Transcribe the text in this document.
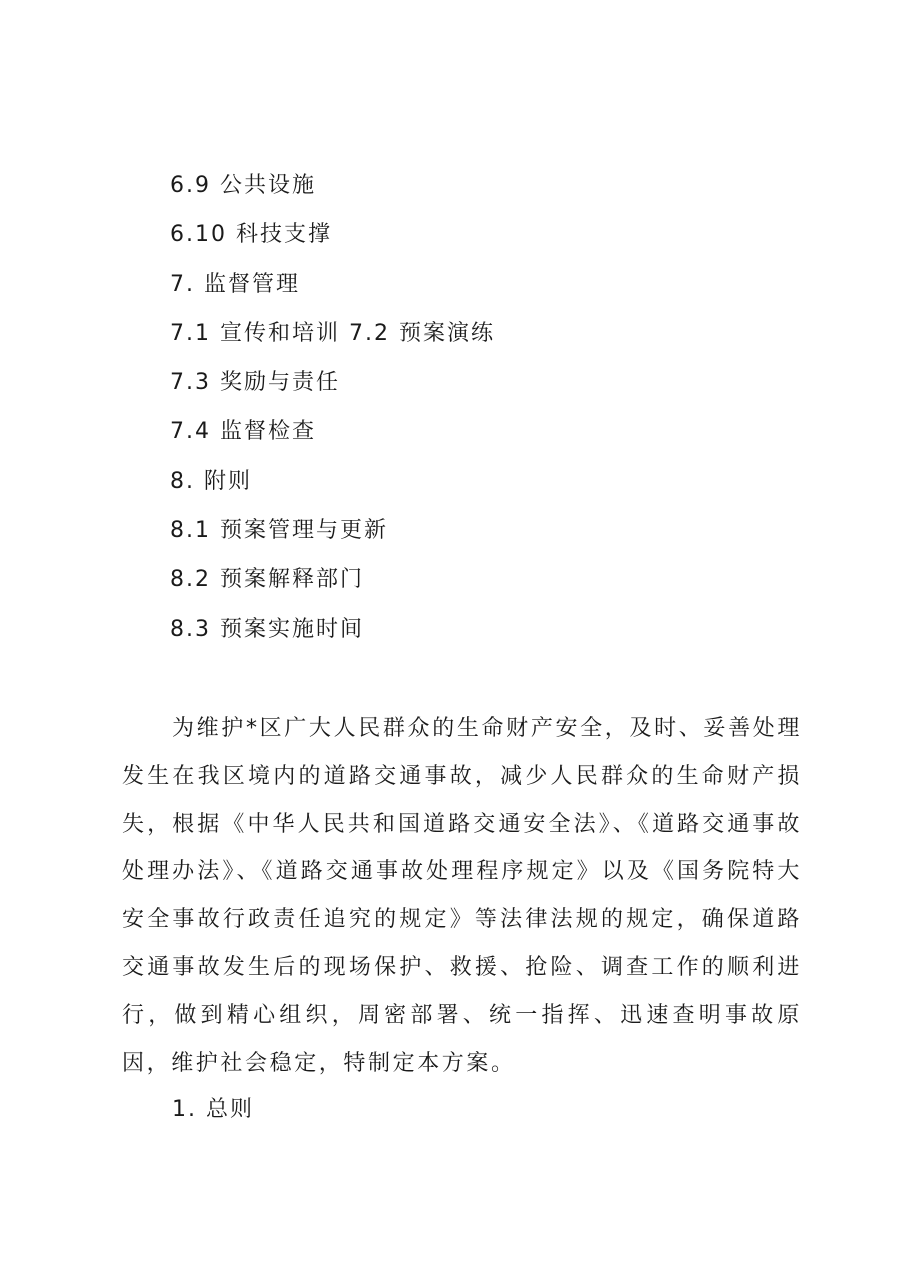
6.9 公共设施
6.10 科技支撑
7. 监督管理
7.1 宣传和培训 7.2 预案演练
7.3 奖励与责任
7.4 监督检查
8. 附则
8.1 预案管理与更新
8.2 预案解释部门
8.3 预案实施时间

为维护*区广大人民群众的生命财产安全，及时、妥善处理发生在我区境内的道路交通事故，减少人民群众的生命财产损失，根据《中华人民共和国道路交通安全法》、《道路交通事故处理办法》、《道路交通事故处理程序规定》以及《国务院特大安全事故行政责任追究的规定》等法律法规的规定，确保道路交通事故发生后的现场保护、救援、抢险、调查工作的顺利进行，做到精心组织，周密部署、统一指挥、迅速查明事故原因，维护社会稳定，特制定本方案。

1. 总则
